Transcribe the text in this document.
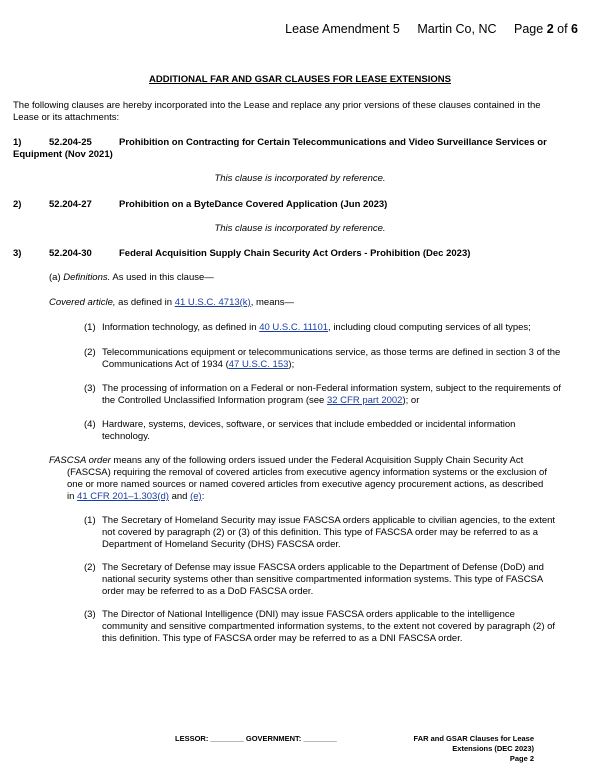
Lease Amendment 5 Martin Co, NC Page 2 of 6
ADDITIONAL FAR AND GSAR CLAUSES FOR LEASE EXTENSIONS
The following clauses are hereby incorporated into the Lease and replace any prior versions of these clauses contained in the
Lease or its attachments:
1)	52.204-25	Prohibition on Contracting for Certain Telecommunications and Video Surveillance Services or
Equipment (Nov 2021)
This clause is incorporated by reference.
2)	52.204-27	Prohibition on a ByteDance Covered Application (Jun 2023)
This clause is incorporated by reference.
3)	52.204-30	Federal Acquisition Supply Chain Security Act Orders - Prohibition (Dec 2023)
(a) Definitions. As used in this clause—
Covered article, as defined in 41 U.S.C. 4713(k), means—
(1) Information technology, as defined in 40 U.S.C. 11101, including cloud computing services of all types;
(2) Telecommunications equipment or telecommunications service, as those terms are defined in section 3 of the
Communications Act of 1934 (47 U.S.C. 153);
(3) The processing of information on a Federal or non-Federal information system, subject to the requirements of
the Controlled Unclassified Information program (see 32 CFR part 2002); or
(4) Hardware, systems, devices, software, or services that include embedded or incidental information
technology.
FASCSA order means any of the following orders issued under the Federal Acquisition Supply Chain Security Act
(FASCSA) requiring the removal of covered articles from executive agency information systems or the exclusion of
one or more named sources or named covered articles from executive agency procurement actions, as described
in 41 CFR 201–1.303(d) and (e):
(1) The Secretary of Homeland Security may issue FASCSA orders applicable to civilian agencies, to the extent
not covered by paragraph (2) or (3) of this definition. This type of FASCSA order may be referred to as a
Department of Homeland Security (DHS) FASCSA order.
(2) The Secretary of Defense may issue FASCSA orders applicable to the Department of Defense (DoD) and
national security systems other than sensitive compartmented information systems. This type of FASCSA
order may be referred to as a DoD FASCSA order.
(3) The Director of National Intelligence (DNI) may issue FASCSA orders applicable to the intelligence
community and sensitive compartmented information systems, to the extent not covered by paragraph (2) of
this definition. This type of FASCSA order may be referred to as a DNI FASCSA order.
LESSOR: ________ GOVERNMENT: ________	FAR and GSAR Clauses for Lease
Extensions (DEC 2023)
Page 2
